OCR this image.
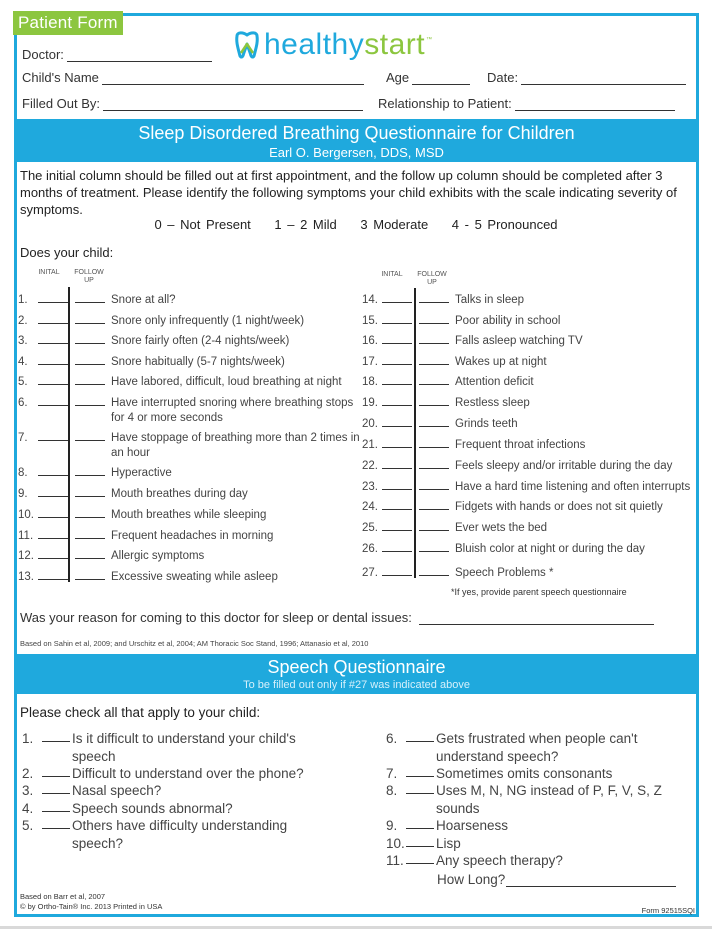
Patient Form
healthy start ™
Doctor:
Child's Name	Age	Date:
Filled Out By:	Relationship to Patient:
Sleep Disordered Breathing Questionnaire for Children
Earl O. Bergersen, DDS, MSD
The initial column should be filled out at first appointment, and the follow up column should be completed after 3 months of treatment. Please identify the following symptoms your child exhibits with the scale indicating severity of symptoms.
0 – Not Present 1 – 2 Mild 3 Moderate 4 - 5 Pronounced
Does your child:
INITAL	FOLLOW UP
INITAL	FOLLOW UP
1.	Snore at all?
2.	Snore only infrequently (1 night/week)
3.	Snore fairly often (2-4 nights/week)
4.	Snore habitually (5-7 nights/week)
5.	Have labored, difficult, loud breathing at night
6.	Have interrupted snoring where breathing stops for 4 or more seconds
7.	Have stoppage of breathing more than 2 times in an hour
8.	Hyperactive
9.	Mouth breathes during day
10.	Mouth breathes while sleeping
11.	Frequent headaches in morning
12.	Allergic symptoms
13.	Excessive sweating while asleep
14.	Talks in sleep
15.	Poor ability in school
16.	Falls asleep watching TV
17.	Wakes up at night
18.	Attention deficit
19.	Restless sleep
20.	Grinds teeth
21.	Frequent throat infections
22.	Feels sleepy and/or irritable during the day
23.	Have a hard time listening and often interrupts
24.	Fidgets with hands or does not sit quietly
25.	Ever wets the bed
26.	Bluish color at night or during the day
27.	Speech Problems *
*If yes, provide parent speech questionnaire
Was your reason for coming to this doctor for sleep or dental issues:
Based on Sahin et al, 2009; and Urschitz et al, 2004; AM Thoracic Soc Stand, 1996; Attanasio et al, 2010
Speech Questionnaire
To be filled out only if #27 was indicated above
Please check all that apply to your child:
1.	Is it difficult to understand your child's speech
2.	Difficult to understand over the phone?
3.	Nasal speech?
4.	Speech sounds abnormal?
5.	Others have difficulty understanding speech?
6.	Gets frustrated when people can't understand speech?
7.	Sometimes omits consonants
8.	Uses M, N, NG instead of P, F, V, S, Z sounds
9.	Hoarseness
10. Lisp
11. Any speech therapy?
How Long?
Based on Barr et al, 2007
© by Ortho-Tain® Inc. 2013 Printed in USA	Form 92515SQI
